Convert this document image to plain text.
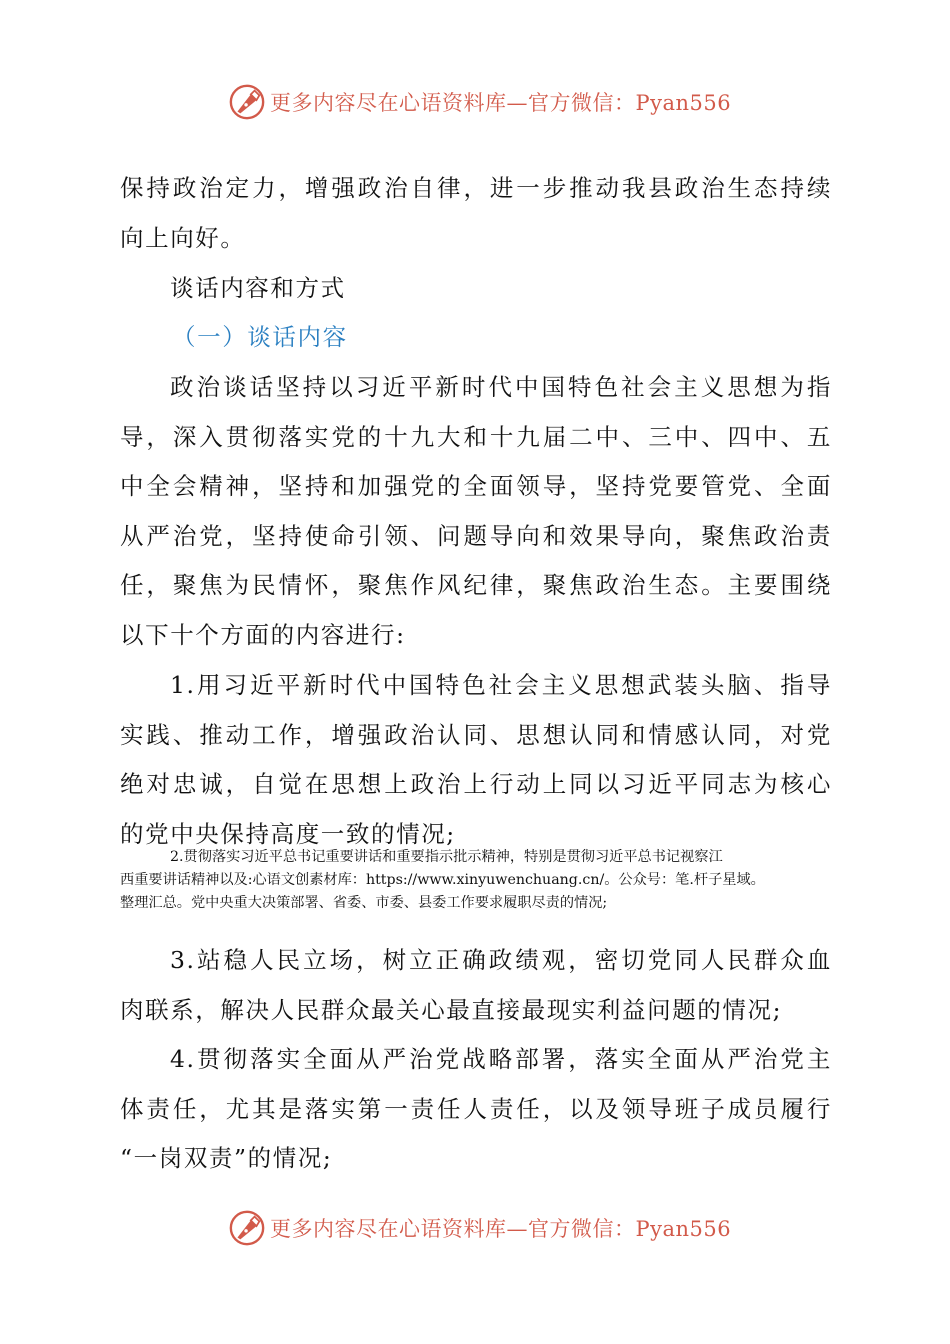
更多内容尽在心语资料库—官方微信：Pyan556
保持政治定力，增强政治自律，进一步推动我县政治生态持续
向上向好。
谈话内容和方式
（一）谈话内容
政治谈话坚持以习近平新时代中国特色社会主义思想为指
导，深入贯彻落实党的十九大和十九届二中、三中、四中、五
中全会精神，坚持和加强党的全面领导，坚持党要管党、全面
从严治党，坚持使命引领、问题导向和效果导向，聚焦政治责
任，聚焦为民情怀，聚焦作风纪律，聚焦政治生态。主要围绕
以下十个方面的内容进行:
1.用习近平新时代中国特色社会主义思想武装头脑、指导
实践、推动工作，增强政治认同、思想认同和情感认同，对党
绝对忠诚，自觉在思想上政治上行动上同以习近平同志为核心
的党中央保持高度一致的情况;
2.贯彻落实习近平总书记重要讲话和重要指示批示精神，特别是贯彻习近平总书记视察江
西重要讲话精神以及:心语文创素材库：https://www.xinyuwenchuang.cn/。公众号：笔.杆子星域。
整理汇总。党中央重大决策部署、省委、市委、县委工作要求履职尽责的情况;
3.站稳人民立场，树立正确政绩观，密切党同人民群众血
肉联系，解决人民群众最关心最直接最现实利益问题的情况;
4.贯彻落实全面从严治党战略部署，落实全面从严治党主
体责任，尤其是落实第一责任人责任，以及领导班子成员履行
“一岗双责”的情况;
更多内容尽在心语资料库—官方微信：Pyan556
